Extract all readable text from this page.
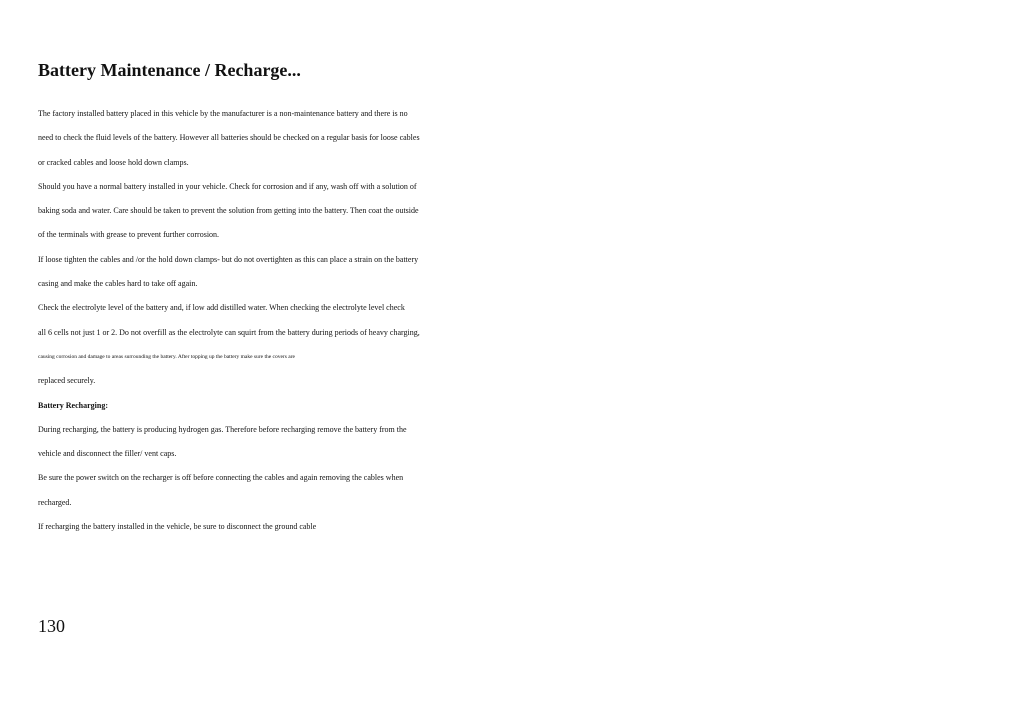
Battery Maintenance / Recharge...

The factory installed battery placed in this vehicle by the manufacturer is a non-maintenance battery and there is no

need to check the fluid levels of the battery. However all batteries should be checked on a regular basis for loose cables

or cracked cables and loose hold down clamps.

Should you have a normal battery installed in your vehicle. Check for corrosion and if any, wash off with a solution of

baking soda and water. Care should be taken to prevent the solution from getting into the battery. Then coat the outside

of the terminals with grease to prevent further corrosion.

If loose tighten the cables and /or the hold down clamps- but do not overtighten as this can place a strain on the battery

casing and make the cables hard to take off again.

Check the electrolyte level of the battery and, if low add distilled water. When checking the electrolyte level check

all 6 cells not just 1 or 2. Do not overfill as the electrolyte can squirt from the battery during periods of heavy charging,

causing corrosion and damage to areas surrounding the battery. After topping up the battery make sure the covers are

replaced securely.

Battery Recharging:

During recharging, the battery is producing hydrogen gas. Therefore before recharging remove the battery from the

vehicle and disconnect the filler/ vent caps.

Be sure the power switch on the recharger is off before connecting the cables and again removing the cables when

recharged.

If recharging the battery installed in the vehicle, be sure to disconnect the ground cable

130
